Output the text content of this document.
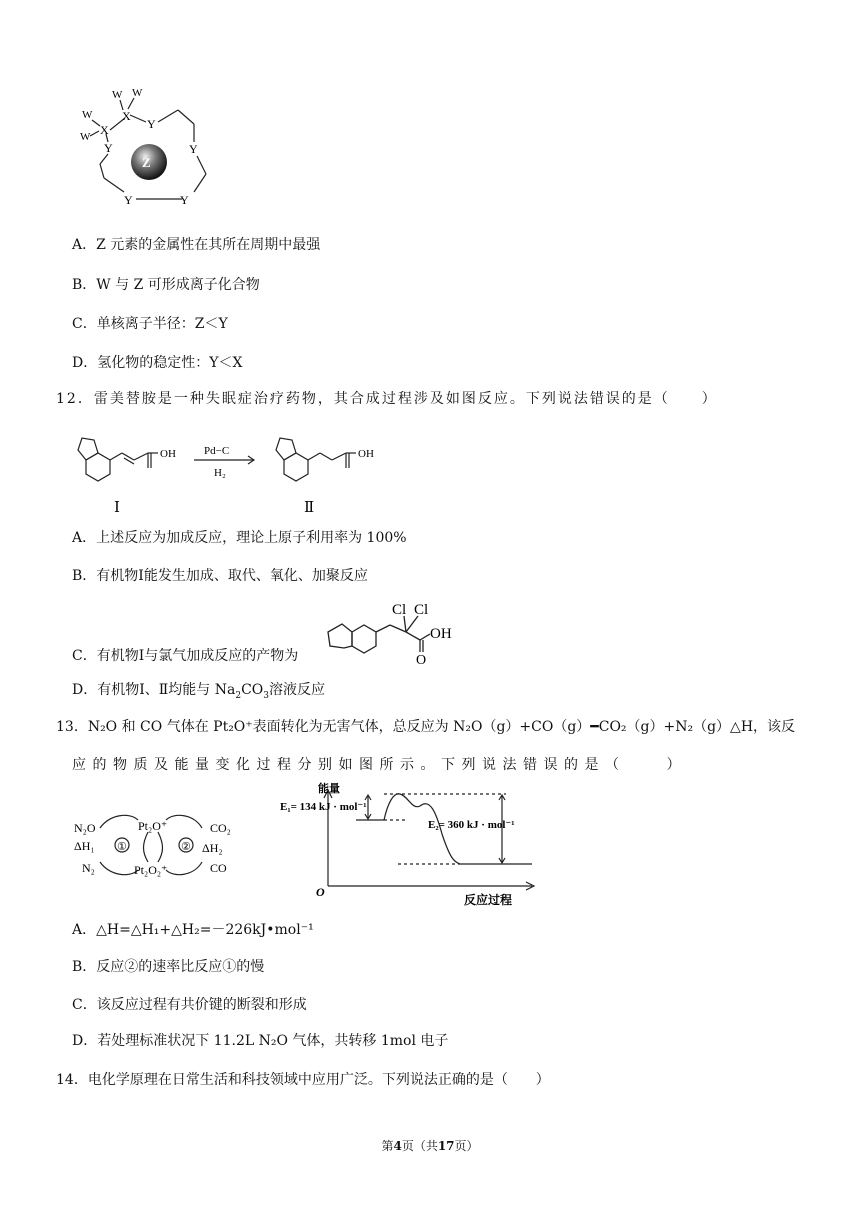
Z
X
X
W W
W
W
Y
Y
Y
Y
Y
A．Z 元素的金属性在其所在周期中最强
B．W 与 Z 可形成离子化合物
C．单核离子半径：Z＜Y
D．氢化物的稳定性：Y＜X
12．雷美替胺是一种失眠症治疗药物，其合成过程涉及如图反应。下列说法错误的是（　　）
OH	OH
Pd−C
H₂
Ⅰ	Ⅱ
A．上述反应为加成反应，理论上原子利用率为 100%
B．有机物Ⅰ能发生加成、取代、氧化、加聚反应
C．有机物Ⅰ与氯气加成反应的产物为
Cl Cl
OH
O
D．有机物Ⅰ、Ⅱ均能与 $Na_2CO_3$溶液反应
13．N₂O 和 CO 气体在 Pt₂O⁺表面转化为无害气体，总反应为 N₂O（g）+CO（g）━CO₂（g）+N₂（g）△H，该反
应的物质及能量变化过程分别如图所示。下列说法错误的是（　　）
N₂O
ΔH₁
N₂
Pt₂O⁺
Pt₂O₂⁺
①	②
CO₂
ΔH₂
CO
能量
E₁= 134 kJ · mol⁻¹
E₂= 360 kJ · mol⁻¹
O
反应过程
A．△H=△H₁+△H₂=－226kJ•mol⁻¹
B．反应②的速率比反应①的慢
C．该反应过程有共价键的断裂和形成
D．若处理标准状况下 11.2L N₂O 气体，共转移 1mol 电子
14．电化学原理在日常生活和科技领域中应用广泛。下列说法正确的是（　　）
第4页（共17页）
